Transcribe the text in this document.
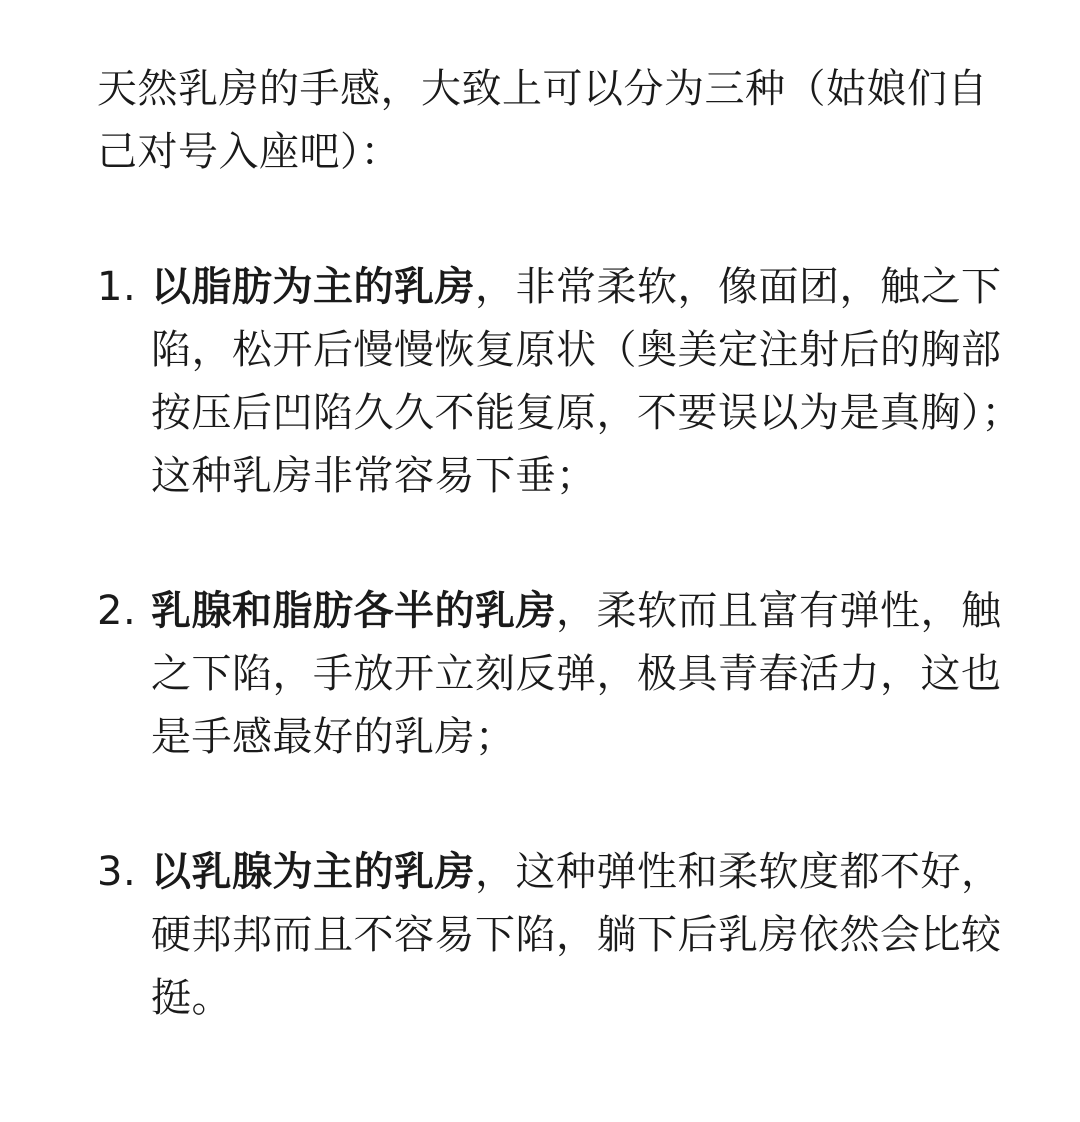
天然乳房的手感，大致上可以分为三种（姑娘们自己对号入座吧）：

1. 以脂肪为主的乳房，非常柔软，像面团，触之下陷，松开后慢慢恢复原状（奥美定注射后的胸部按压后凹陷久久不能复原，不要误以为是真胸）；这种乳房非常容易下垂；
2. 乳腺和脂肪各半的乳房，柔软而且富有弹性，触之下陷，手放开立刻反弹，极具青春活力，这也是手感最好的乳房；
3. 以乳腺为主的乳房，这种弹性和柔软度都不好，硬邦邦而且不容易下陷，躺下后乳房依然会比较挺。
